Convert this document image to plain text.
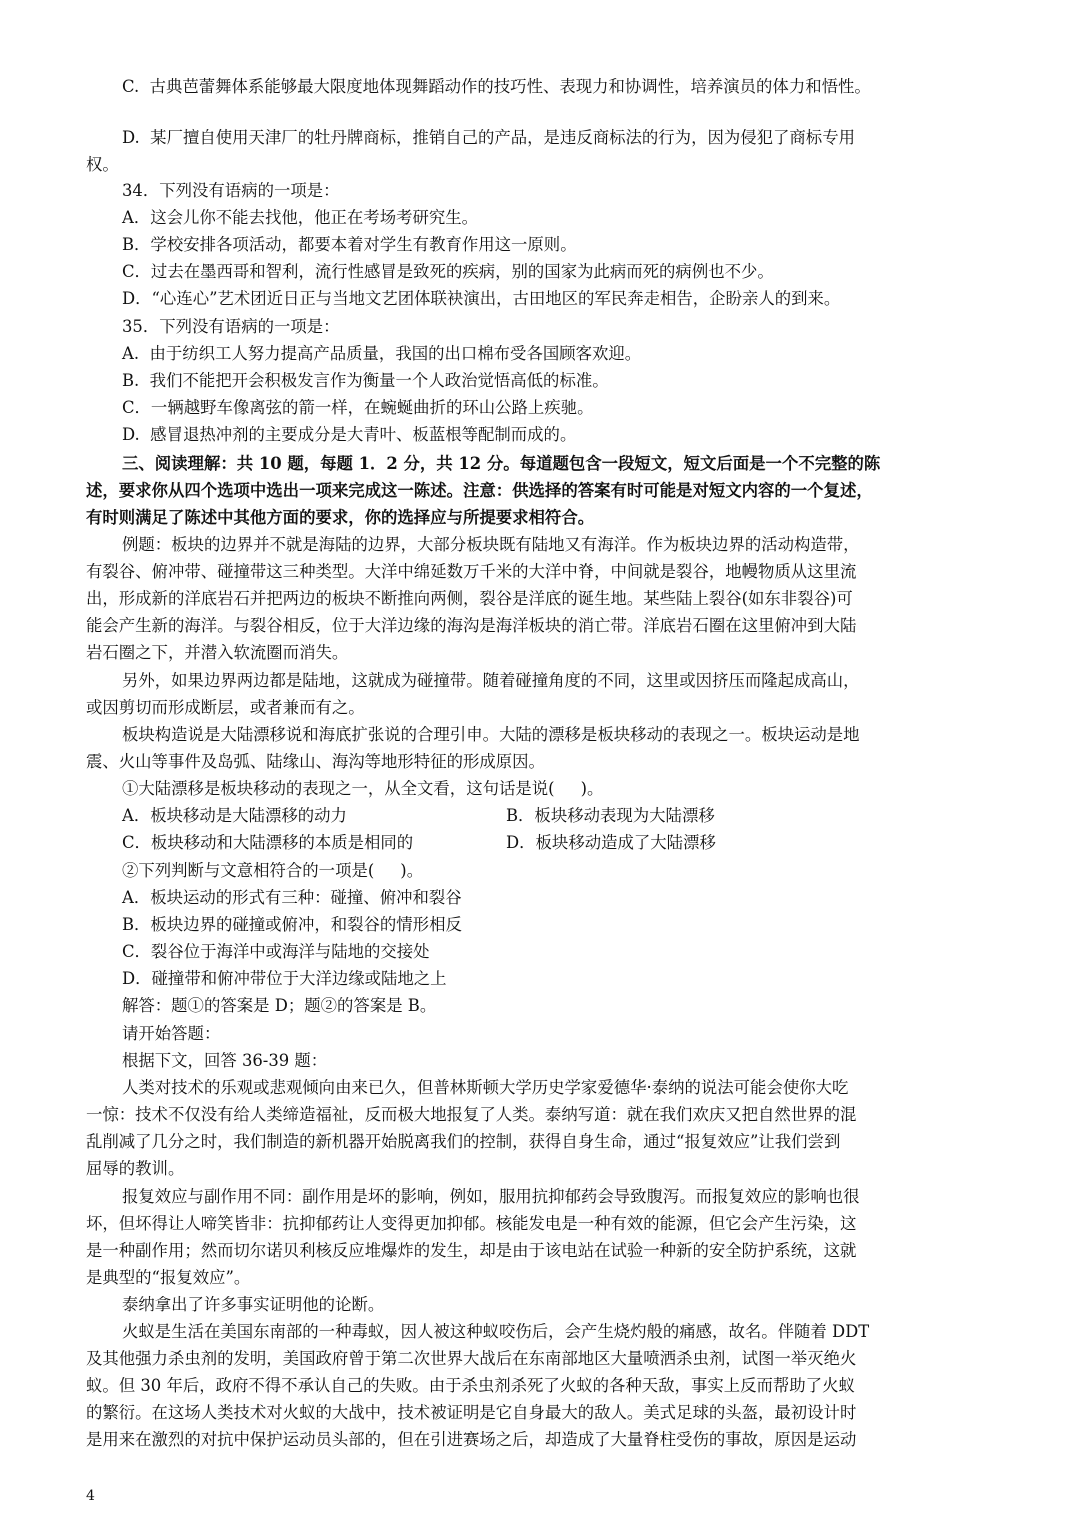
C.  古典芭蕾舞体系能够最大限度地体现舞蹈动作的技巧性、表现力和协调性，培养演员的体力和悟性。
D.  某厂擅自使用天津厂的牡丹牌商标，推销自己的产品，是违反商标法的行为，因为侵犯了商标专用
权。
34．下列没有语病的一项是：
A．这会儿你不能去找他，他正在考场考研究生。
B．学校安排各项活动，都要本着对学生有教育作用这一原则。
C．过去在墨西哥和智利，流行性感冒是致死的疾病，别的国家为此病而死的病例也不少。
D．“心连心”艺术团近日正与当地文艺团体联袂演出，古田地区的军民奔走相告，企盼亲人的到来。
35．下列没有语病的一项是：
A.  由于纺织工人努力提高产品质量，我国的出口棉布受各国顾客欢迎。
B.  我们不能把开会积极发言作为衡量一个人政治觉悟高低的标准。
C．一辆越野车像离弦的箭一样，在蜿蜒曲折的环山公路上疾驰。
D.  感冒退热冲剂的主要成分是大青叶、板蓝根等配制而成的。
三、阅读理解：共 10 题，每题 1．2 分，共 12 分。每道题包含一段短文，短文后面是一个不完整的陈
述，要求你从四个选项中选出一项来完成这一陈述。注意：供选择的答案有时可能是对短文内容的一个复述，
有时则满足了陈述中其他方面的要求，你的选择应与所提要求相符合。
例题：板块的边界并不就是海陆的边界，大部分板块既有陆地又有海洋。作为板块边界的活动构造带，
有裂谷、俯冲带、碰撞带这三种类型。大洋中绵延数万千米的大洋中脊，中间就是裂谷，地幔物质从这里流
出，形成新的洋底岩石并把两边的板块不断推向两侧，裂谷是洋底的诞生地。某些陆上裂谷(如东非裂谷)可
能会产生新的海洋。与裂谷相反，位于大洋边缘的海沟是海洋板块的消亡带。洋底岩石圈在这里俯冲到大陆
岩石圈之下，并潜入软流圈而消失。
另外，如果边界两边都是陆地，这就成为碰撞带。随着碰撞角度的不同，这里或因挤压而隆起成高山，
或因剪切而形成断层，或者兼而有之。
板块构造说是大陆漂移说和海底扩张说的合理引申。大陆的漂移是板块移动的表现之一。板块运动是地
震、火山等事件及岛弧、陆缘山、海沟等地形特征的形成原因。
①大陆漂移是板块移动的表现之一，从全文看，这句话是说(     )。
A．板块移动是大陆漂移的动力	B．板块移动表现为大陆漂移
C．板块移动和大陆漂移的本质是相同的	D．板块移动造成了大陆漂移
②下列判断与文意相符合的一项是(     )。
A．板块运动的形式有三种：碰撞、俯冲和裂谷
B．板块边界的碰撞或俯冲，和裂谷的情形相反
C．裂谷位于海洋中或海洋与陆地的交接处
D．碰撞带和俯冲带位于大洋边缘或陆地之上
解答：题①的答案是 D；题②的答案是 B。
请开始答题：
根据下文，回答 36-39 题：
人类对技术的乐观或悲观倾向由来已久，但普林斯顿大学历史学家爱德华·泰纳的说法可能会使你大吃
一惊：技术不仅没有给人类缔造福祉，反而极大地报复了人类。泰纳写道：就在我们欢庆又把自然世界的混
乱削减了几分之时，我们制造的新机器开始脱离我们的控制，获得自身生命，通过“报复效应”让我们尝到
屈辱的教训。
报复效应与副作用不同：副作用是坏的影响，例如，服用抗抑郁药会导致腹泻。而报复效应的影响也很
坏，但坏得让人啼笑皆非：抗抑郁药让人变得更加抑郁。核能发电是一种有效的能源，但它会产生污染，这
是一种副作用；然而切尔诺贝利核反应堆爆炸的发生，却是由于该电站在试验一种新的安全防护系统，这就
是典型的“报复效应”。
泰纳拿出了许多事实证明他的论断。
火蚁是生活在美国东南部的一种毒蚁，因人被这种蚁咬伤后，会产生烧灼般的痛感，故名。伴随着 DDT
及其他强力杀虫剂的发明，美国政府曾于第二次世界大战后在东南部地区大量喷洒杀虫剂，试图一举灭绝火
蚁。但 30 年后，政府不得不承认自己的失败。由于杀虫剂杀死了火蚁的各种天敌，事实上反而帮助了火蚁
的繁衍。在这场人类技术对火蚁的大战中，技术被证明是它自身最大的敌人。美式足球的头盔，最初设计时
是用来在激烈的对抗中保护运动员头部的，但在引进赛场之后，却造成了大量脊柱受伤的事故，原因是运动
4
